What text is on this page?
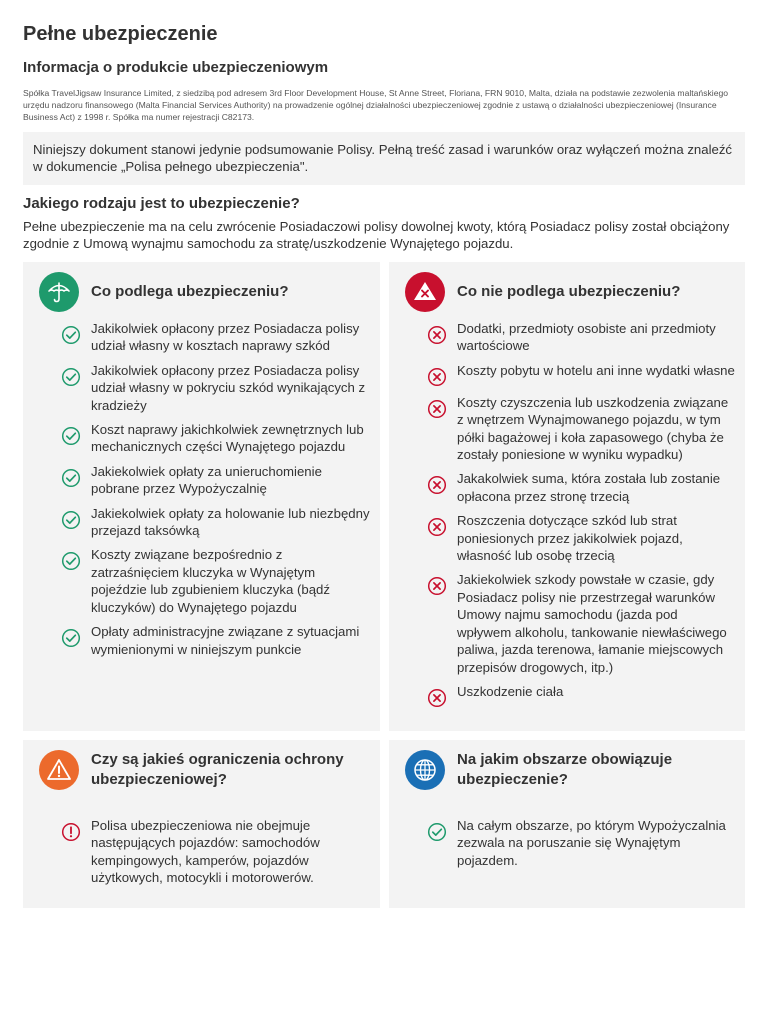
Pełne ubezpieczenie
Informacja o produkcie ubezpieczeniowym

Spółka TravelJigsaw Insurance Limited, z siedzibą pod adresem 3rd Floor Development House, St Anne Street, Floriana, FRN 9010, Malta, działa na podstawie zezwolenia maltańskiego urzędu nadzoru finansowego (Malta Financial Services Authority) na prowadzenie ogólnej działalności ubezpieczeniowej zgodnie z ustawą o działalności ubezpieczeniowej (Insurance Business Act) z 1998 r. Spółka ma numer rejestracji C82173.

Niniejszy dokument stanowi jedynie podsumowanie Polisy. Pełną treść zasad i warunków oraz wyłączeń można znaleźć w dokumencie „Polisa pełnego ubezpieczenia".
Jakiego rodzaju jest to ubezpieczenie?

Pełne ubezpieczenie ma na celu zwrócenie Posiadaczowi polisy dowolnej kwoty, którą Posiadacz polisy został obciążony zgodnie z Umową wynajmu samochodu za stratę/uszkodzenie Wynajętego pojazdu.

Co podlega ubezpieczeniu?
Jakikolwiek opłacony przez Posiadacza polisy udział własny w kosztach naprawy szkód
Jakikolwiek opłacony przez Posiadacza polisy udział własny w pokryciu szkód wynikających z kradzieży
Koszt naprawy jakichkolwiek zewnętrznych lub mechanicznych części Wynajętego pojazdu
Jakiekolwiek opłaty za unieruchomienie pobrane przez Wypożyczalnię
Jakiekolwiek opłaty za holowanie lub niezbędny przejazd taksówką
Koszty związane bezpośrednio z zatrzaśnięciem kluczyka w Wynajętym pojeździe lub zgubieniem kluczyka (bądź kluczyków) do Wynajętego pojazdu
Opłaty administracyjne związane z sytuacjami wymienionymi w niniejszym punkcie
Co nie podlega ubezpieczeniu?
Dodatki, przedmioty osobiste ani przedmioty wartościowe
Koszty pobytu w hotelu ani inne wydatki własne
Koszty czyszczenia lub uszkodzenia związane z wnętrzem Wynajmowanego pojazdu, w tym półki bagażowej i koła zapasowego (chyba że zostały poniesione w wyniku wypadku)
Jakakolwiek suma, która została lub zostanie opłacona przez stronę trzecią
Roszczenia dotyczące szkód lub strat poniesionych przez jakikolwiek pojazd, własność lub osobę trzecią
Jakiekolwiek szkody powstałe w czasie, gdy Posiadacz polisy nie przestrzegał warunków Umowy najmu samochodu (jazda pod wpływem alkoholu, tankowanie niewłaściwego paliwa, jazda terenowa, łamanie miejscowych przepisów drogowych, itp.)
Uszkodzenie ciała
Czy są jakieś ograniczenia ochrony ubezpieczeniowej?
Polisa ubezpieczeniowa nie obejmuje następujących pojazdów: samochodów kempingowych, kamperów, pojazdów użytkowych, motocykli i motorowerów.
Na jakim obszarze obowiązuje ubezpieczenie?
Na całym obszarze, po którym Wypożyczalnia zezwala na poruszanie się Wynajętym pojazdem.
